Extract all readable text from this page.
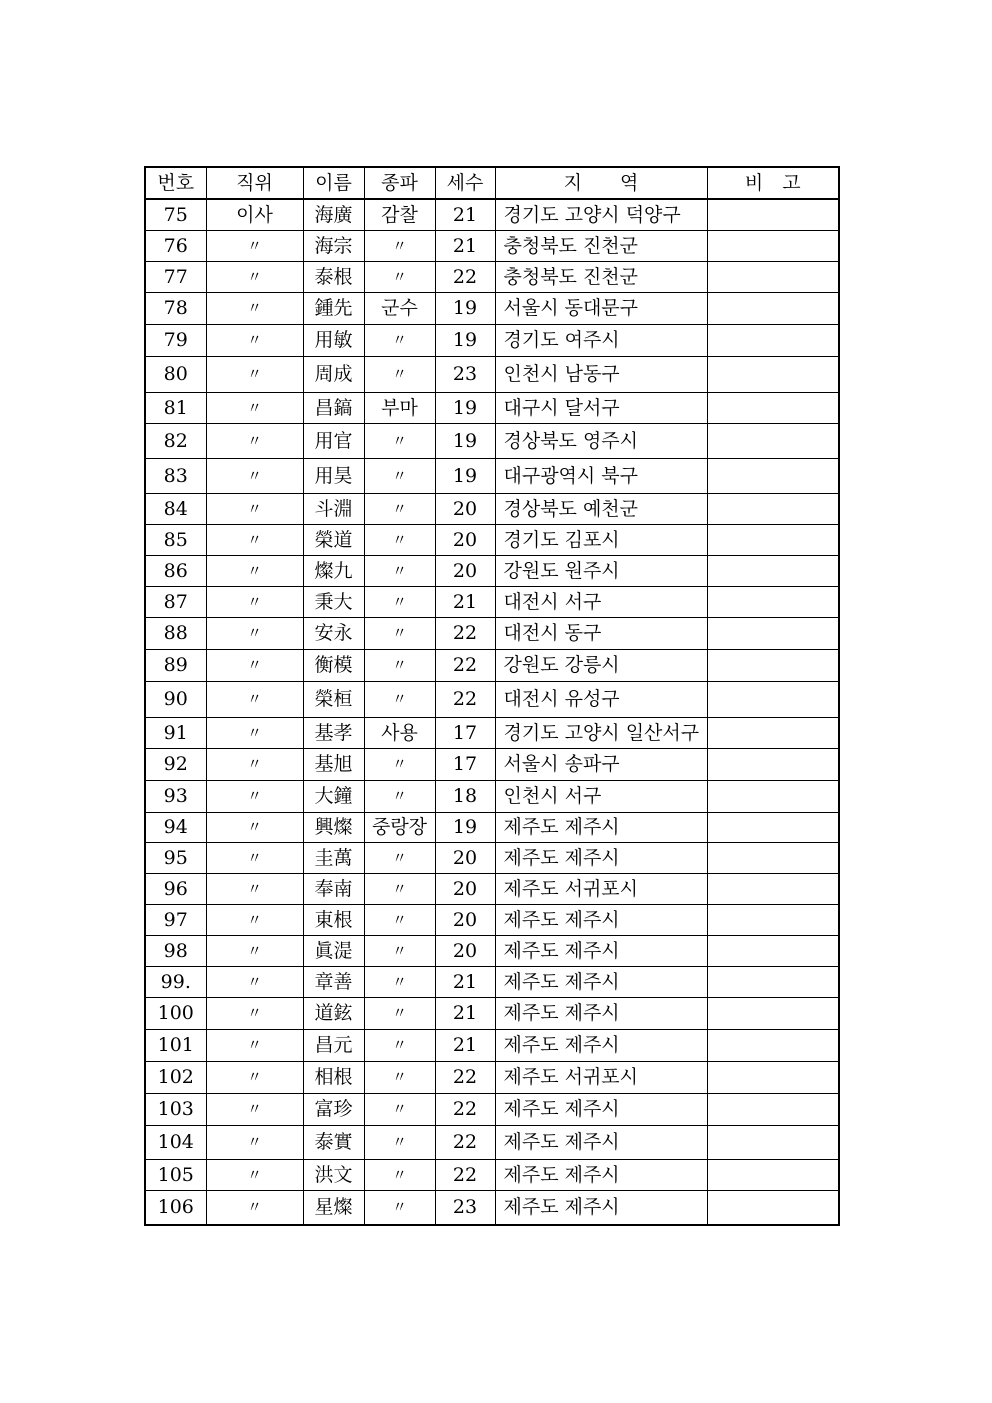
번호	직위	이름	종파	세수	지　　역	비　고
75	이사	海廣	감찰	21	경기도 고양시 덕양구	
76	〃	海宗	〃	21	충청북도 진천군	
77	〃	泰根	〃	22	충청북도 진천군	
78	〃	鍾先	군수	19	서울시 동대문구	
79	〃	用敏	〃	19	경기도 여주시	
80	〃	周成	〃	23	인천시 남동구	
81	〃	昌鎬	부마	19	대구시 달서구	
82	〃	用官	〃	19	경상북도 영주시	
83	〃	用昊	〃	19	대구광역시 북구	
84	〃	斗淵	〃	20	경상북도 예천군	
85	〃	榮道	〃	20	경기도 김포시	
86	〃	燦九	〃	20	강원도 원주시	
87	〃	秉大	〃	21	대전시 서구	
88	〃	安永	〃	22	대전시 동구	
89	〃	衡模	〃	22	강원도 강릉시	
90	〃	榮桓	〃	22	대전시 유성구	
91	〃	基孝	사용	17	경기도 고양시 일산서구	
92	〃	基旭	〃	17	서울시 송파구	
93	〃	大鐘	〃	18	인천시 서구	
94	〃	興燦	중랑장	19	제주도 제주시	
95	〃	圭萬	〃	20	제주도 제주시	
96	〃	奉南	〃	20	제주도 서귀포시	
97	〃	東根	〃	20	제주도 제주시	
98	〃	眞湜	〃	20	제주도 제주시	
99.	〃	章善	〃	21	제주도 제주시	
100	〃	道鉉	〃	21	제주도 제주시	
101	〃	昌元	〃	21	제주도 제주시	
102	〃	相根	〃	22	제주도 서귀포시	
103	〃	富珍	〃	22	제주도 제주시	
104	〃	泰實	〃	22	제주도 제주시	
105	〃	洪文	〃	22	제주도 제주시	
106	〃	星燦	〃	23	제주도 제주시	
